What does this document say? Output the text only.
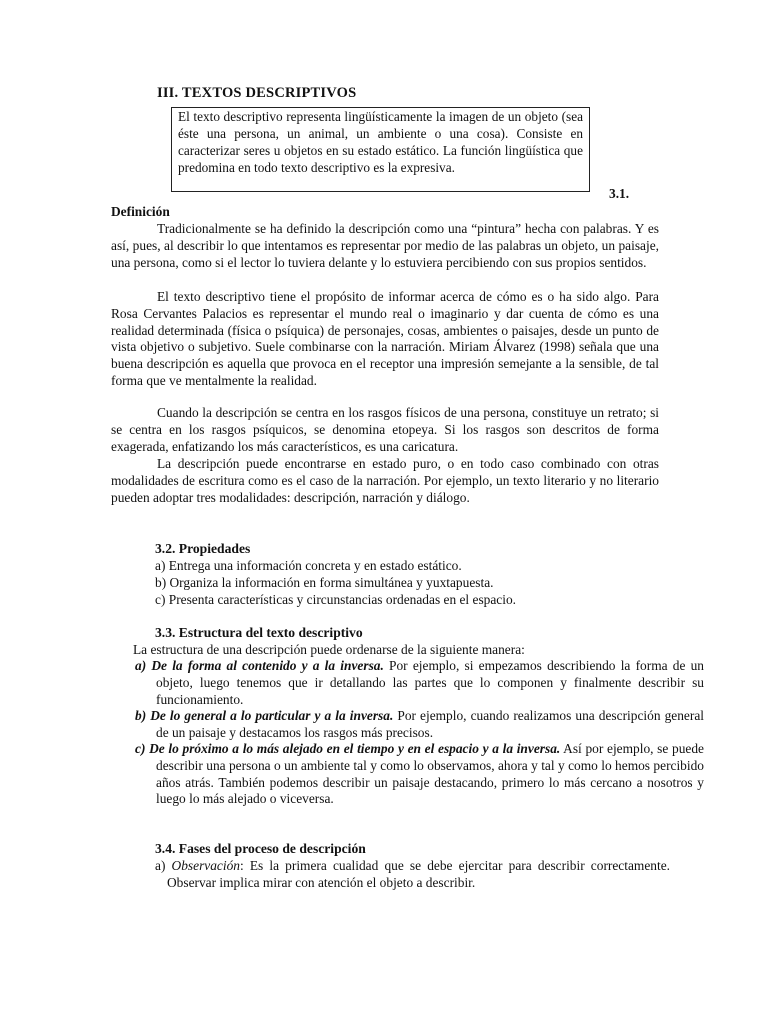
III. TEXTOS DESCRIPTIVOS
El texto descriptivo representa lingüísticamente la imagen de un objeto (sea éste una persona, un animal, un ambiente o una cosa). Consiste en caracterizar seres u objetos en su estado estático. La función lingüística que predomina en todo texto descriptivo es la expresiva.
3.1.
Definición
Tradicionalmente se ha definido la descripción como una “pintura” hecha con palabras. Y es así, pues, al describir lo que intentamos es representar por medio de las palabras un objeto, un paisaje, una persona, como si el lector lo tuviera delante y lo estuviera percibiendo con sus propios sentidos.
El texto descriptivo tiene el propósito de informar acerca de cómo es o ha sido algo. Para Rosa Cervantes Palacios es representar el mundo real o imaginario y dar cuenta de cómo es una realidad determinada (física o psíquica) de personajes, cosas, ambientes o paisajes, desde un punto de vista objetivo o subjetivo. Suele combinarse con la narración. Miriam Álvarez (1998) señala que una buena descripción es aquella que provoca en el receptor una impresión semejante a la sensible, de tal forma que ve mentalmente la realidad.
Cuando la descripción se centra en los rasgos físicos de una persona, constituye un retrato; si se centra en los rasgos psíquicos, se denomina etopeya. Si los rasgos son descritos de forma exagerada, enfatizando los más característicos, es una caricatura.
La descripción puede encontrarse en estado puro, o en todo caso combinado con otras modalidades de escritura como es el caso de la narración. Por ejemplo, un texto literario y no literario pueden adoptar tres modalidades: descripción, narración y diálogo.
3.2. Propiedades
a) Entrega una información concreta y en estado estático.
b) Organiza la información en forma simultánea y yuxtapuesta.
c) Presenta características y circunstancias ordenadas en el espacio.
3.3. Estructura del texto descriptivo
La estructura de una descripción puede ordenarse de la siguiente manera:
a) De la forma al contenido y a la inversa. Por ejemplo, si empezamos describiendo la forma de un objeto, luego tenemos que ir detallando las partes que lo componen y finalmente describir su funcionamiento.
b) De lo general a lo particular y a la inversa. Por ejemplo, cuando realizamos una descripción general de un paisaje y destacamos los rasgos más precisos.
c) De lo próximo a lo más alejado en el tiempo y en el espacio y a la inversa. Así por ejemplo, se puede describir una persona o un ambiente tal y como lo observamos, ahora y tal y como lo hemos percibido años atrás. También podemos describir un paisaje destacando, primero lo más cercano a nosotros y luego lo más alejado o viceversa.
3.4. Fases del proceso de descripción
a) Observación: Es la primera cualidad que se debe ejercitar para describir correctamente. Observar implica mirar con atención el objeto a describir.
